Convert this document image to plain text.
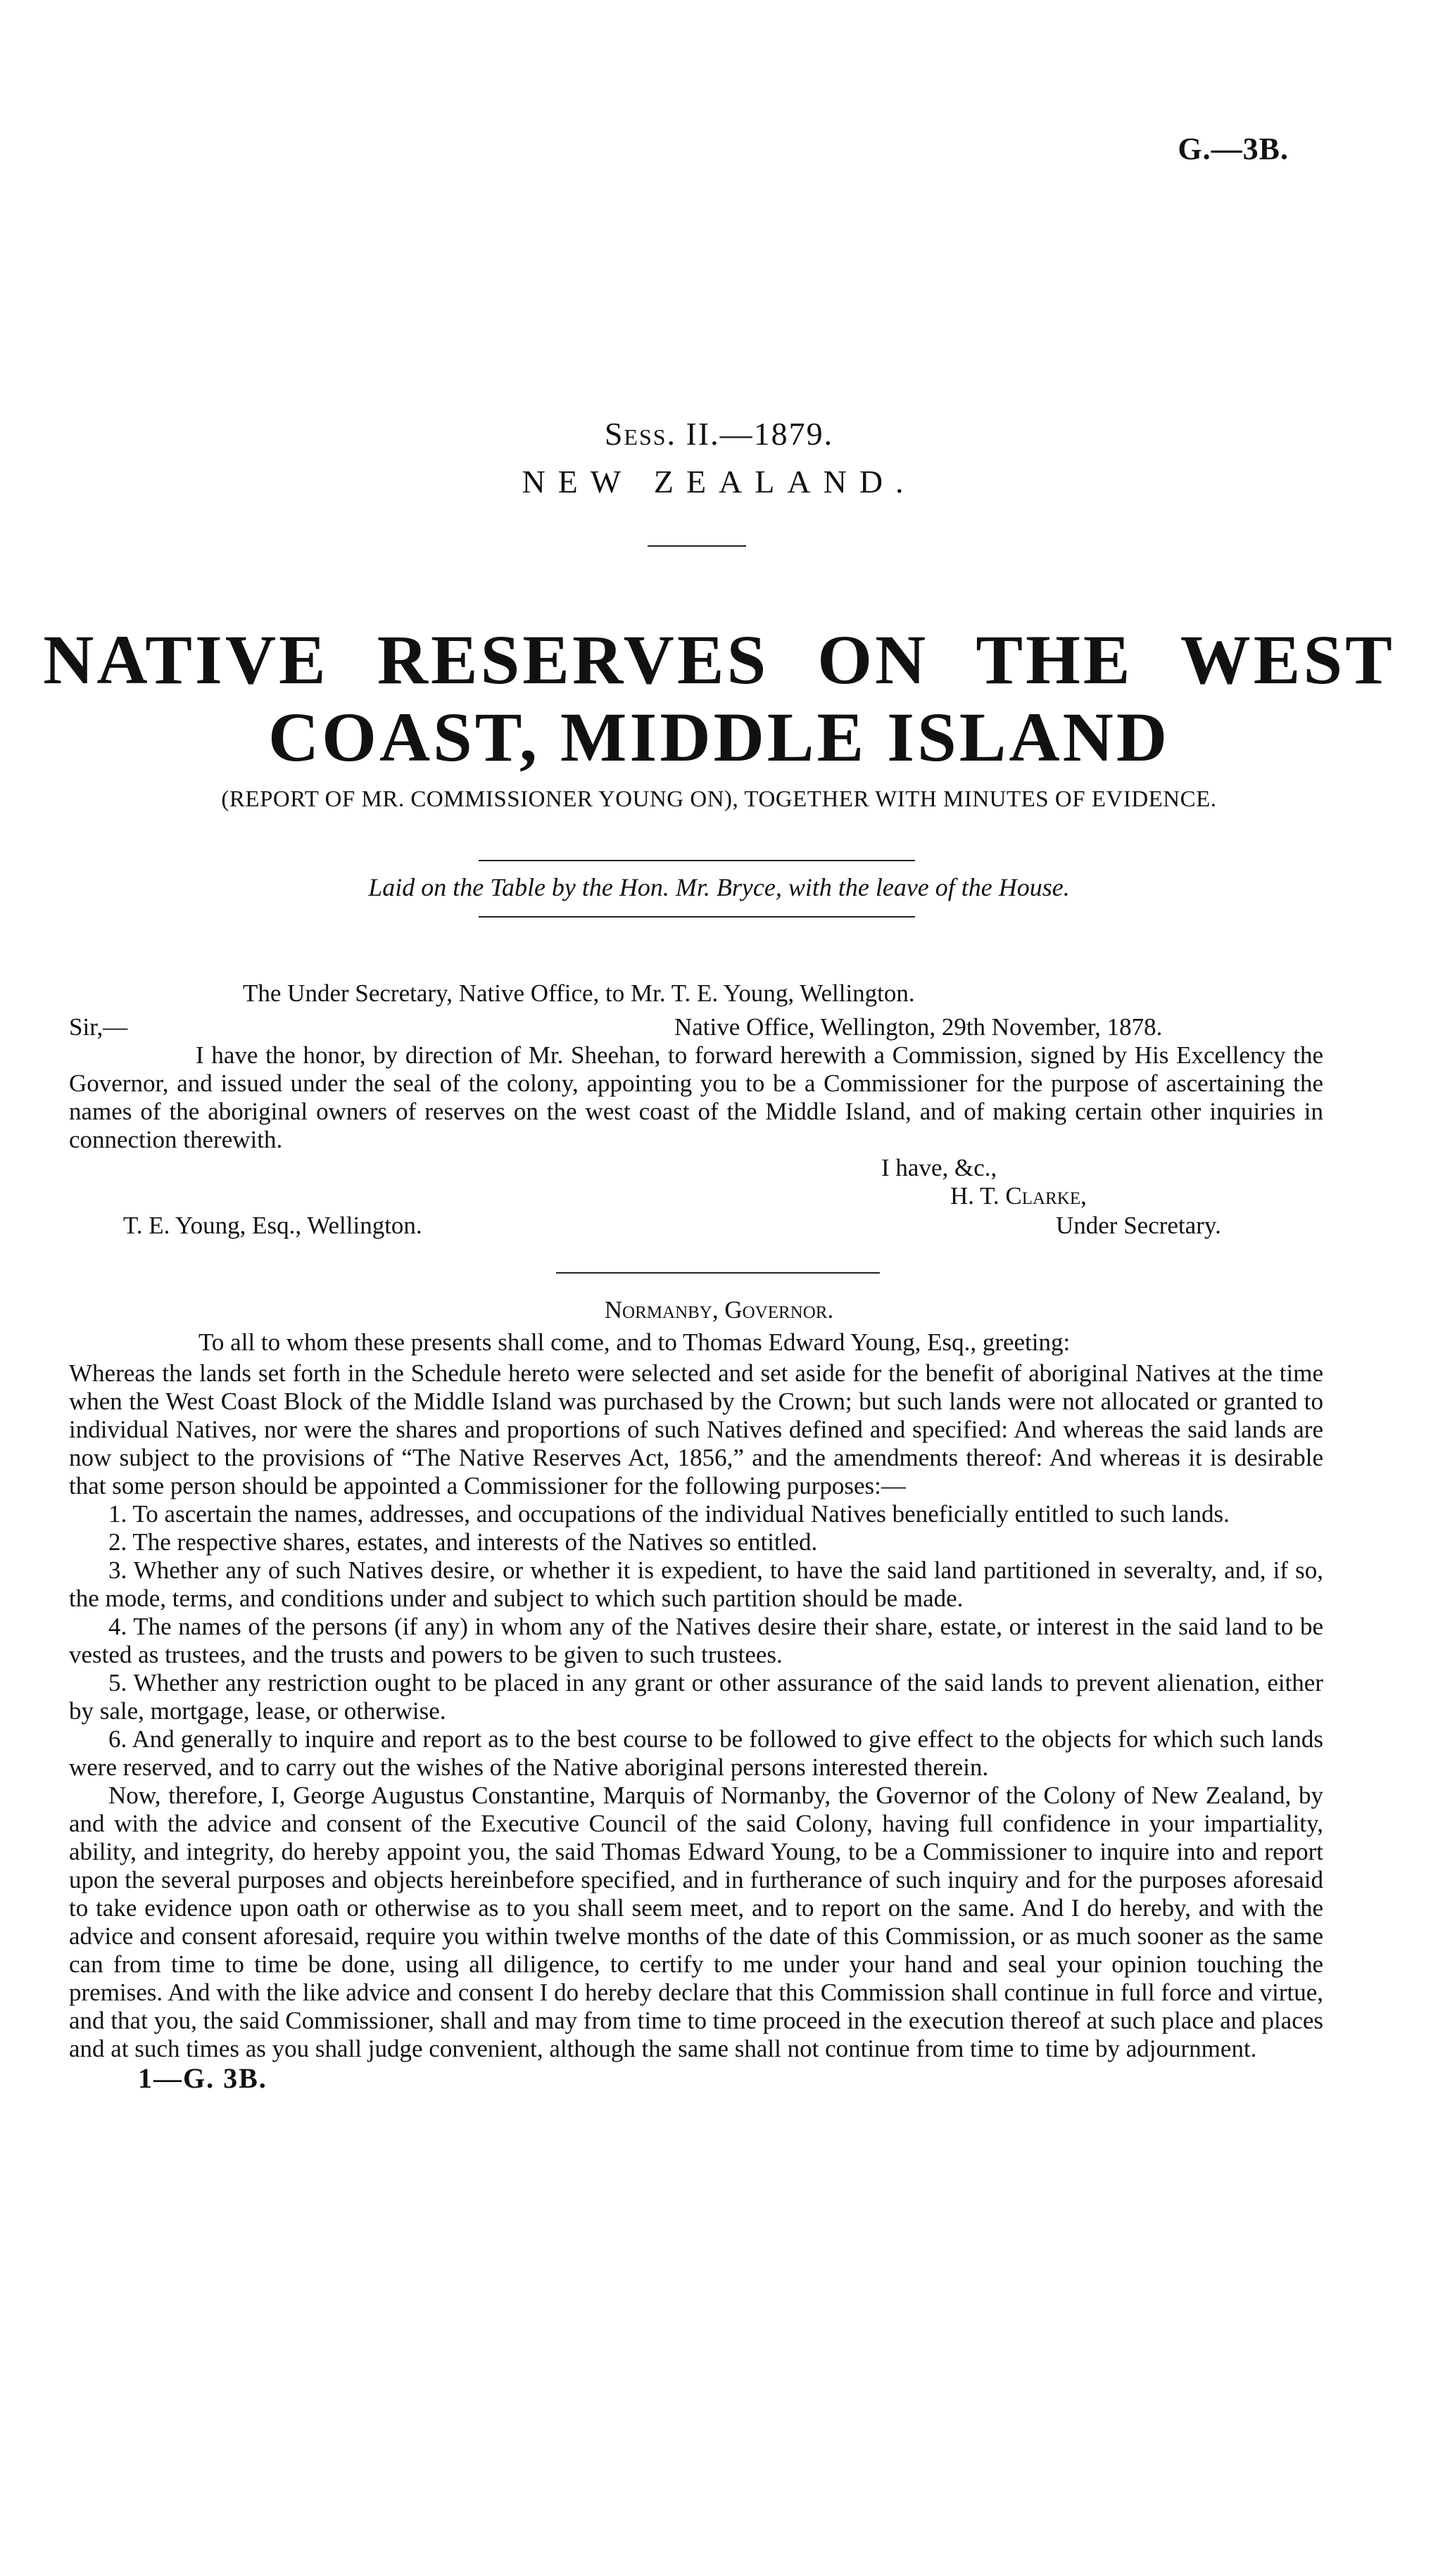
G.—3B.
Sess. II.—1879.
NEW ZEALAND.
NATIVE RESERVES ON THE WEST
COAST, MIDDLE ISLAND
(REPORT OF MR. COMMISSIONER YOUNG ON), TOGETHER WITH MINUTES OF EVIDENCE.
Laid on the Table by the Hon. Mr. Bryce, with the leave of the House.
The Under Secretary, Native Office, to Mr. T. E. Young, Wellington.
Sir,—	Native Office, Wellington, 29th November, 1878.
I have the honor, by direction of Mr. Sheehan, to forward herewith a Commission, signed by His Excellency the Governor, and issued under the seal of the colony, appointing you to be a Commissioner for the purpose of ascertaining the names of the aboriginal owners of reserves on the west coast of the Middle Island, and of making certain other inquiries in connection therewith.
I have, &c.,
H. T. Clarke,
T. E. Young, Esq., Wellington.	Under Secretary.
Normanby, Governor.
To all to whom these presents shall come, and to Thomas Edward Young, Esq., greeting:

Whereas the lands set forth in the Schedule hereto were selected and set aside for the benefit of aboriginal Natives at the time when the West Coast Block of the Middle Island was purchased by the Crown; but such lands were not allocated or granted to individual Natives, nor were the shares and proportions of such Natives defined and specified: And whereas the said lands are now subject to the provisions of “The Native Reserves Act, 1856,” and the amendments thereof: And whereas it is desirable that some person should be appointed a Commissioner for the following purposes:—

1. To ascertain the names, addresses, and occupations of the individual Natives beneficially entitled to such lands.

2. The respective shares, estates, and interests of the Natives so entitled.

3. Whether any of such Natives desire, or whether it is expedient, to have the said land partitioned in severalty, and, if so, the mode, terms, and conditions under and subject to which such partition should be made.

4. The names of the persons (if any) in whom any of the Natives desire their share, estate, or interest in the said land to be vested as trustees, and the trusts and powers to be given to such trustees.

5. Whether any restriction ought to be placed in any grant or other assurance of the said lands to prevent alienation, either by sale, mortgage, lease, or otherwise.

6. And generally to inquire and report as to the best course to be followed to give effect to the objects for which such lands were reserved, and to carry out the wishes of the Native aboriginal persons interested therein.

Now, therefore, I, George Augustus Constantine, Marquis of Normanby, the Governor of the Colony of New Zealand, by and with the advice and consent of the Executive Council of the said Colony, having full confidence in your impartiality, ability, and integrity, do hereby appoint you, the said Thomas Edward Young, to be a Commissioner to inquire into and report upon the several purposes and objects hereinbefore specified, and in furtherance of such inquiry and for the purposes aforesaid to take evidence upon oath or otherwise as to you shall seem meet, and to report on the same. And I do hereby, and with the advice and consent aforesaid, require you within twelve months of the date of this Commission, or as much sooner as the same can from time to time be done, using all diligence, to certify to me under your hand and seal your opinion touching the premises. And with the like advice and consent I do hereby declare that this Commission shall continue in full force and virtue, and that you, the said Commissioner, shall and may from time to time proceed in the execution thereof at such place and places and at such times as you shall judge convenient, although the same shall not continue from time to time by adjournment.

1—G. 3B.
